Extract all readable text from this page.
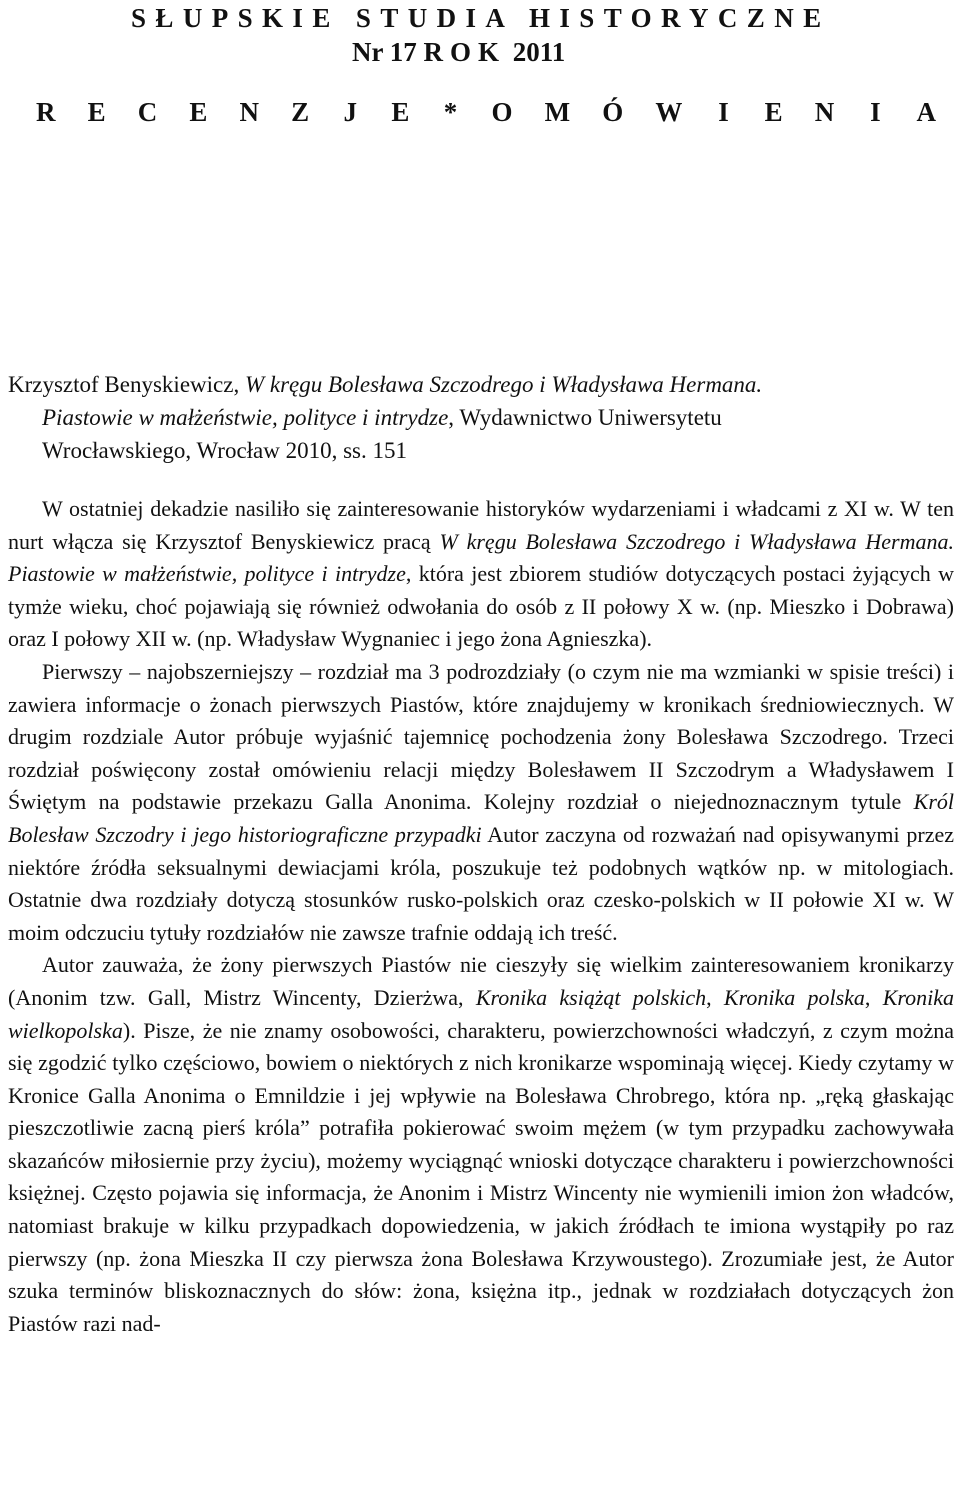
SŁUPSKIE STUDIA HISTORYCZNE
Nr 17 ROK 2011
R E C E N Z J E * O M Ó W I E N I A

Krzysztof Benyskiewicz, W kręgu Bolesława Szczodrego i Władysława Hermana.
Piastowie w małżeństwie, polityce i intrydze, Wydawnictwo Uniwersytetu
Wrocławskiego, Wrocław 2010, ss. 151

W ostatniej dekadzie nasiliło się zainteresowanie historyków wydarzeniami i władcami z XI w. W ten nurt włącza się Krzysztof Benyskiewicz pracą W kręgu Bolesława Szczodrego i Władysława Hermana. Piastowie w małżeństwie, polityce i intrydze, która jest zbiorem studiów dotyczących postaci żyjących w tymże wieku, choć pojawiają się również odwołania do osób z II połowy X w. (np. Mieszko i Dobrawa) oraz I połowy XII w. (np. Władysław Wygnaniec i jego żona Agnieszka).

Pierwszy – najobszerniejszy – rozdział ma 3 podrozdziały (o czym nie ma wzmianki w spisie treści) i zawiera informacje o żonach pierwszych Piastów, które znajdujemy w kronikach średniowiecznych. W drugim rozdziale Autor próbuje wyjaśnić tajemnicę pochodzenia żony Bolesława Szczodrego. Trzeci rozdział poświęcony został omówieniu relacji między Bolesławem II Szczodrym a Władysławem I Świętym na podstawie przekazu Galla Anonima. Kolejny rozdział o niejednoznacznym tytule Król Bolesław Szczodry i jego historiograficzne przypadki Autor zaczyna od rozważań nad opisywanymi przez niektóre źródła seksualnymi dewiacjami króla, poszukuje też podobnych wątków np. w mitologiach. Ostatnie dwa rozdziały dotyczą stosunków rusko-polskich oraz czesko-polskich w II połowie XI w. W moim odczuciu tytuły rozdziałów nie zawsze trafnie oddają ich treść.

Autor zauważa, że żony pierwszych Piastów nie cieszyły się wielkim zainteresowaniem kronikarzy (Anonim tzw. Gall, Mistrz Wincenty, Dzierżwa, Kronika książąt polskich, Kronika polska, Kronika wielkopolska). Pisze, że nie znamy osobowości, charakteru, powierzchowności władczyń, z czym można się zgodzić tylko częściowo, bowiem o niektórych z nich kronikarze wspominają więcej. Kiedy czytamy w Kronice Galla Anonima o Emnildzie i jej wpływie na Bolesława Chrobrego, która np. „ręką głaskając pieszczotliwie zacną pierś króla” potrafiła pokierować swoim mężem (w tym przypadku zachowywała skazańców miłosiernie przy życiu), możemy wyciągnąć wnioski dotyczące charakteru i powierzchowności księżnej. Często pojawia się informacja, że Anonim i Mistrz Wincenty nie wymienili imion żon władców, natomiast brakuje w kilku przypadkach dopowiedzenia, w jakich źródłach te imiona wystąpiły po raz pierwszy (np. żona Mieszka II czy pierwsza żona Bolesława Krzywoustego). Zrozumiałe jest, że Autor szuka terminów bliskoznacznych do słów: żona, księżna itp., jednak w rozdziałach dotyczących żon Piastów razi nad-
